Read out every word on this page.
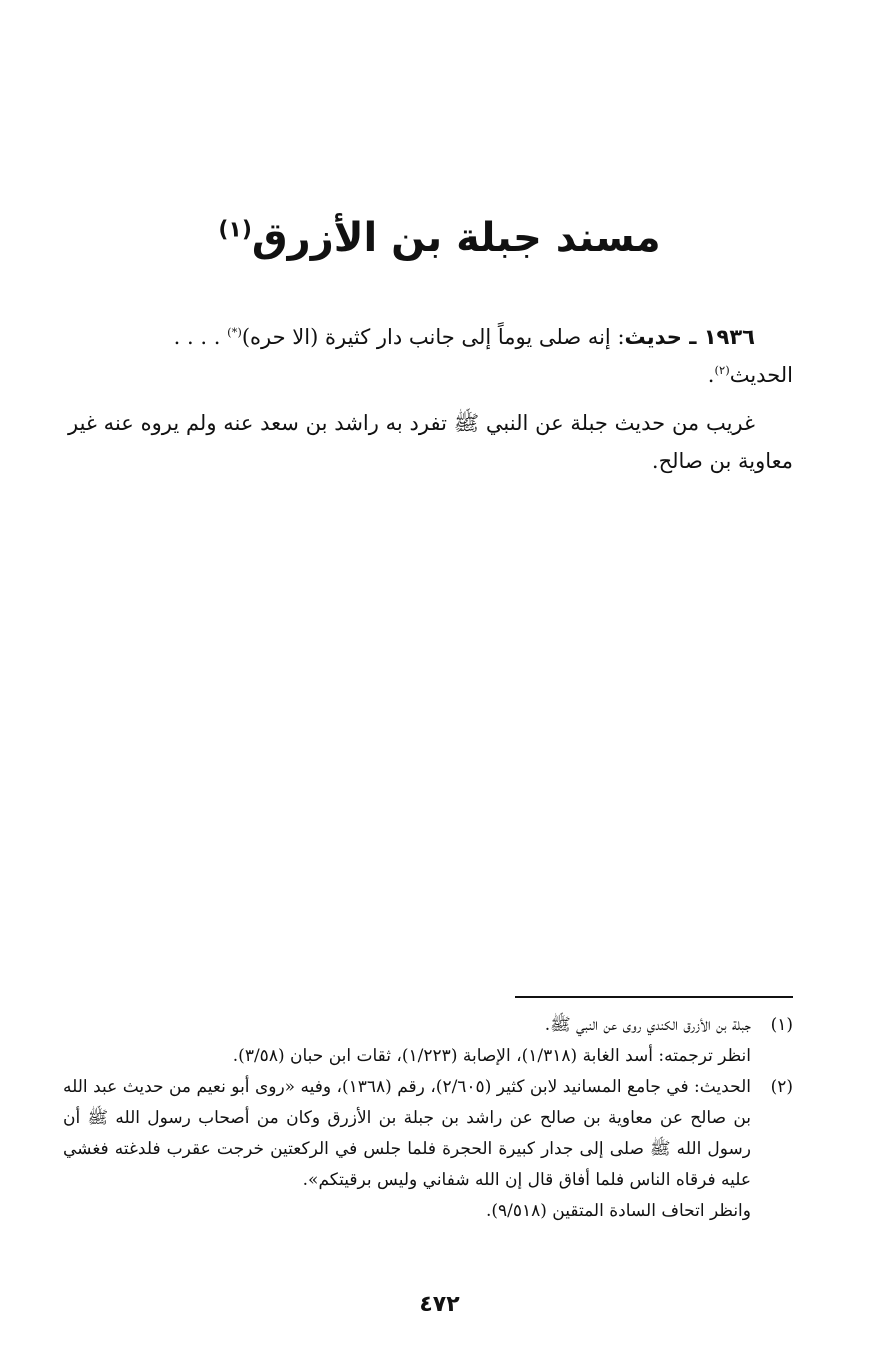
مسند جبلة بن الأزرق$^{(١)}$
١٩٣٦ ـ حديث: إنه صلى يوماً إلى جانب دار كثيرة (الا حره)(*) . . . .
الحديث$^{(٢)}$.
غريب من حديث جبلة عن النبي ﷺ تفرد به راشد بن سعد عنه ولم يروه عنه غير معاوية بن صالح.
(١)
جبلة بن الأزرق الكندي روى عن النبي ﷺ.
انظر ترجمته: أسد الغابة (١/٣١٨)، الإصابة (١/٢٢٣)، ثقات ابن حبان (٣/٥٨).
(٢)
الحديث: في جامع المسانيد لابن كثير (٢/٦٠٥)، رقم (١٣٦٨)، وفيه «روى أبو نعيم من حديث عبد الله بن صالح عن معاوية بن صالح عن راشد بن جبلة بن الأزرق وكان من أصحاب رسول الله ﷺ أن رسول الله ﷺ صلى إلى جدار كبيرة الحجرة فلما جلس في الركعتين خرجت عقرب فلدغته فغشي عليه فرقاه الناس فلما أفاق قال إن الله شفاني وليس برقيتكم».
وانظر اتحاف السادة المتقين (٩/٥١٨).
٤٧٢
